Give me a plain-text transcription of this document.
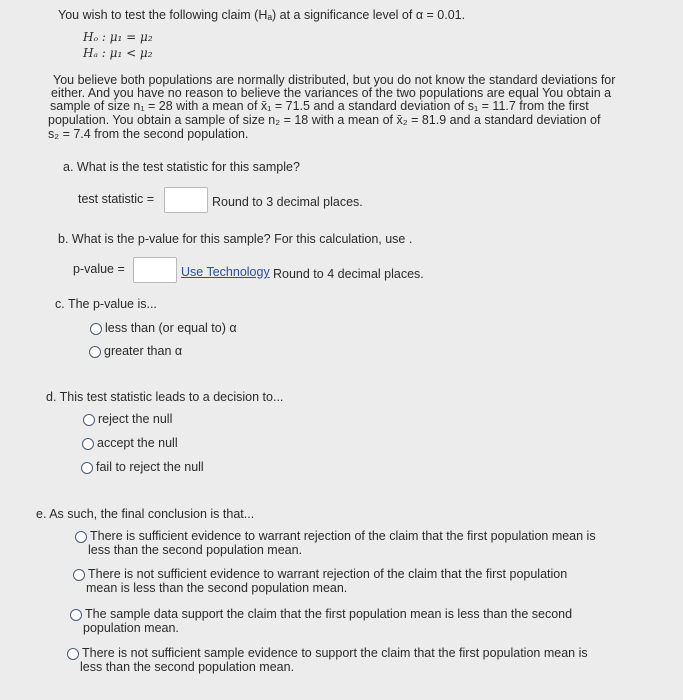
You wish to test the following claim (Hₐ) at a significance level of α = 0.01.
Hₒ : μ₁ = μ₂
Hₐ : μ₁ < μ₂
You believe both populations are normally distributed, but you do not know the standard deviations for
either. And you have no reason to believe the variances of the two populations are equal You obtain a
sample of size n₁ = 28 with a mean of x̄₁ = 71.5 and a standard deviation of s₁ = 11.7 from the first
population. You obtain a sample of size n₂ = 18 with a mean of x̄₂ = 81.9 and a standard deviation of
s₂ = 7.4 from the second population.
a. What is the test statistic for this sample?
test statistic =	Round to 3 decimal places.
b. What is the p-value for this sample? For this calculation, use .
p-value =	Use Technology Round to 4 decimal places.
c. The p-value is...
less than (or equal to) α
greater than α
d. This test statistic leads to a decision to...
reject the null
accept the null
fail to reject the null
e. As such, the final conclusion is that...
There is sufficient evidence to warrant rejection of the claim that the first population mean is
less than the second population mean.
There is not sufficient evidence to warrant rejection of the claim that the first population
mean is less than the second population mean.
The sample data support the claim that the first population mean is less than the second
population mean.
There is not sufficient sample evidence to support the claim that the first population mean is
less than the second population mean.
